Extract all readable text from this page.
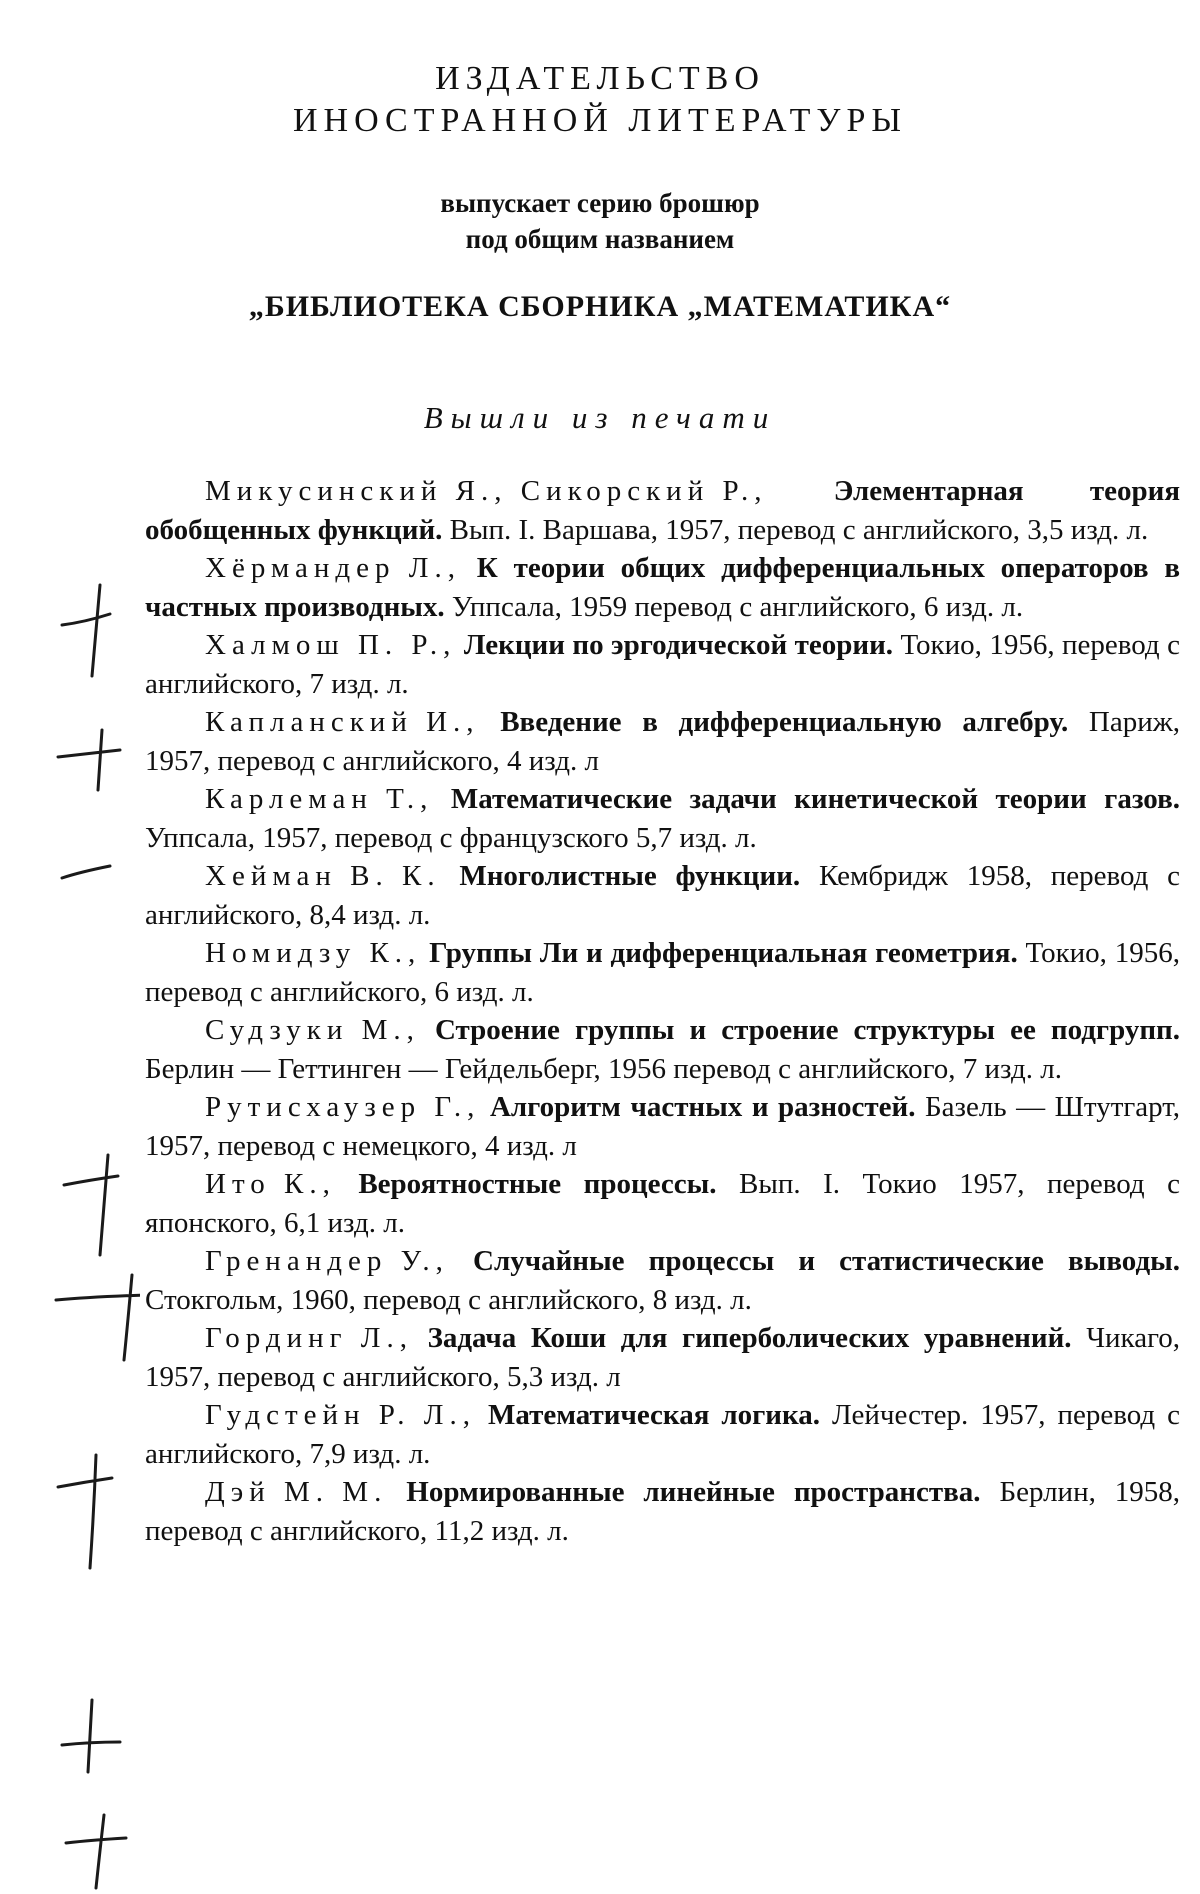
ИЗДАТЕЛЬСТВО
ИНОСТРАННОЙ ЛИТЕРАТУРЫ
выпускает серию брошюр
под общим названием
„БИБЛИОТЕКА СБОРНИКА „МАТЕМАТИКА“
Вышли из печати

Микусинский Я., Сикорский Р., Элементарная теория обобщенных функций. Вып. I. Варшава, 1957, перевод с английского, 3,5 изд. л.

Хёрмандер Л., К теории общих дифференциальных операторов в частных производных. Уппсала, 1959 перевод с английского, 6 изд. л.

Халмош П. Р., Лекции по эргодической теории. Токио, 1956, перевод с английского, 7 изд. л.

Капланский И., Введение в дифференциальную алгебру. Париж, 1957, перевод с английского, 4 изд. л

Карлеман Т., Математические задачи кинетической теории газов. Уппсала, 1957, перевод с французского 5,7 изд. л.

Хейман В. К. Многолистные функции. Кембридж 1958, перевод с английского, 8,4 изд. л.

Номидзу К., Группы Ли и дифференциальная геометрия. Токио, 1956, перевод с английского, 6 изд. л.

Судзуки М., Строение группы и строение структуры ее подгрупп. Берлин — Геттинген — Гейдельберг, 1956 перевод с английского, 7 изд. л.

Рутисхаузер Г., Алгоритм частных и разностей. Базель — Штутгарт, 1957, перевод с немецкого, 4 изд. л

Ито К., Вероятностные процессы. Вып. I. Токио 1957, перевод с японского, 6,1 изд. л.

Гренандер У., Случайные процессы и статистические выводы. Стокгольм, 1960, перевод с английского, 8 изд. л.

Гординг Л., Задача Коши для гиперболических уравнений. Чикаго, 1957, перевод с английского, 5,3 изд. л

Гудстейн Р. Л., Математическая логика. Лейчестер. 1957, перевод с английского, 7,9 изд. л.

Дэй М. М. Нормированные линейные пространства. Берлин, 1958, перевод с английского, 11,2 изд. л.
